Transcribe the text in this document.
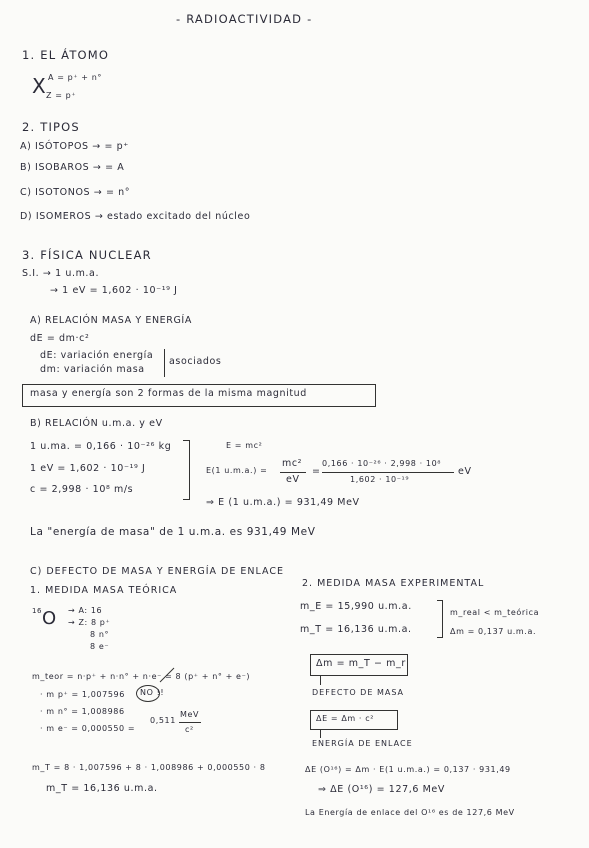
- RADIOACTIVIDAD -
1. EL ÁTOMO
X A = p⁺ + n°
Z = p⁺
2. TIPOS
A) ISÓTOPOS → = p⁺
B) ISOBAROS → = A
C) ISOTONOS → = n°
D) ISOMEROS → estado excitado del núcleo
3. FÍSICA NUCLEAR
S.I. → 1 u.m.a.
→ 1 eV = 1,602 · 10⁻¹⁹ J
A) RELACIÓN MASA Y ENERGÍA
dE = dm·c²
dE: variación energía
dm: variación masa
asociados
masa y energía son 2 formas de la misma magnitud
B) RELACIÓN u.m.a. y eV
1 u.ma. = 0,166 · 10⁻²⁶ kg
1 eV = 1,602 · 10⁻¹⁹ J
c = 2,998 · 10⁸ m/s
E = mc²
E(1 u.m.a.) =
mc²
eV
=
0,166 · 10⁻²⁶ · 2,998 · 10⁸
1,602 · 10⁻¹⁹
eV
⇒ E (1 u.m.a.) = 931,49 MeV
La "energía de masa" de 1 u.m.a. es 931,49 MeV
C) DEFECTO DE MASA Y ENERGÍA DE ENLACE
1. MEDIDA MASA TEÓRICA
16 O → A: 16
→ Z: 8 p⁺
8 n°
8 e⁻
m_teor = n·p⁺ + n·n° + n·e⁻ = 8 (p⁺ + n° + e⁻)
· m p⁺ = 1,007596 NO !!
· m n° = 1,008986
· m e⁻ = 0,000550 =
0,511
MeV
c²
m_T = 8 · 1,007596 + 8 · 1,008986 + 0,000550 · 8
m_T = 16,136 u.m.a.
2. MEDIDA MASA EXPERIMENTAL
m_E = 15,990 u.m.a.
m_T = 16,136 u.m.a.
m_real < m_teórica
Δm = 0,137 u.m.a.
Δm = m_T − m_r
DEFECTO DE MASA
ΔE = Δm · c²
ENERGÍA DE ENLACE
ΔE (O¹⁶) = Δm · E(1 u.m.a.) = 0,137 · 931,49
⇒ ΔE (O¹⁶) = 127,6 MeV
La Energía de enlace del O¹⁶ es de 127,6 MeV
